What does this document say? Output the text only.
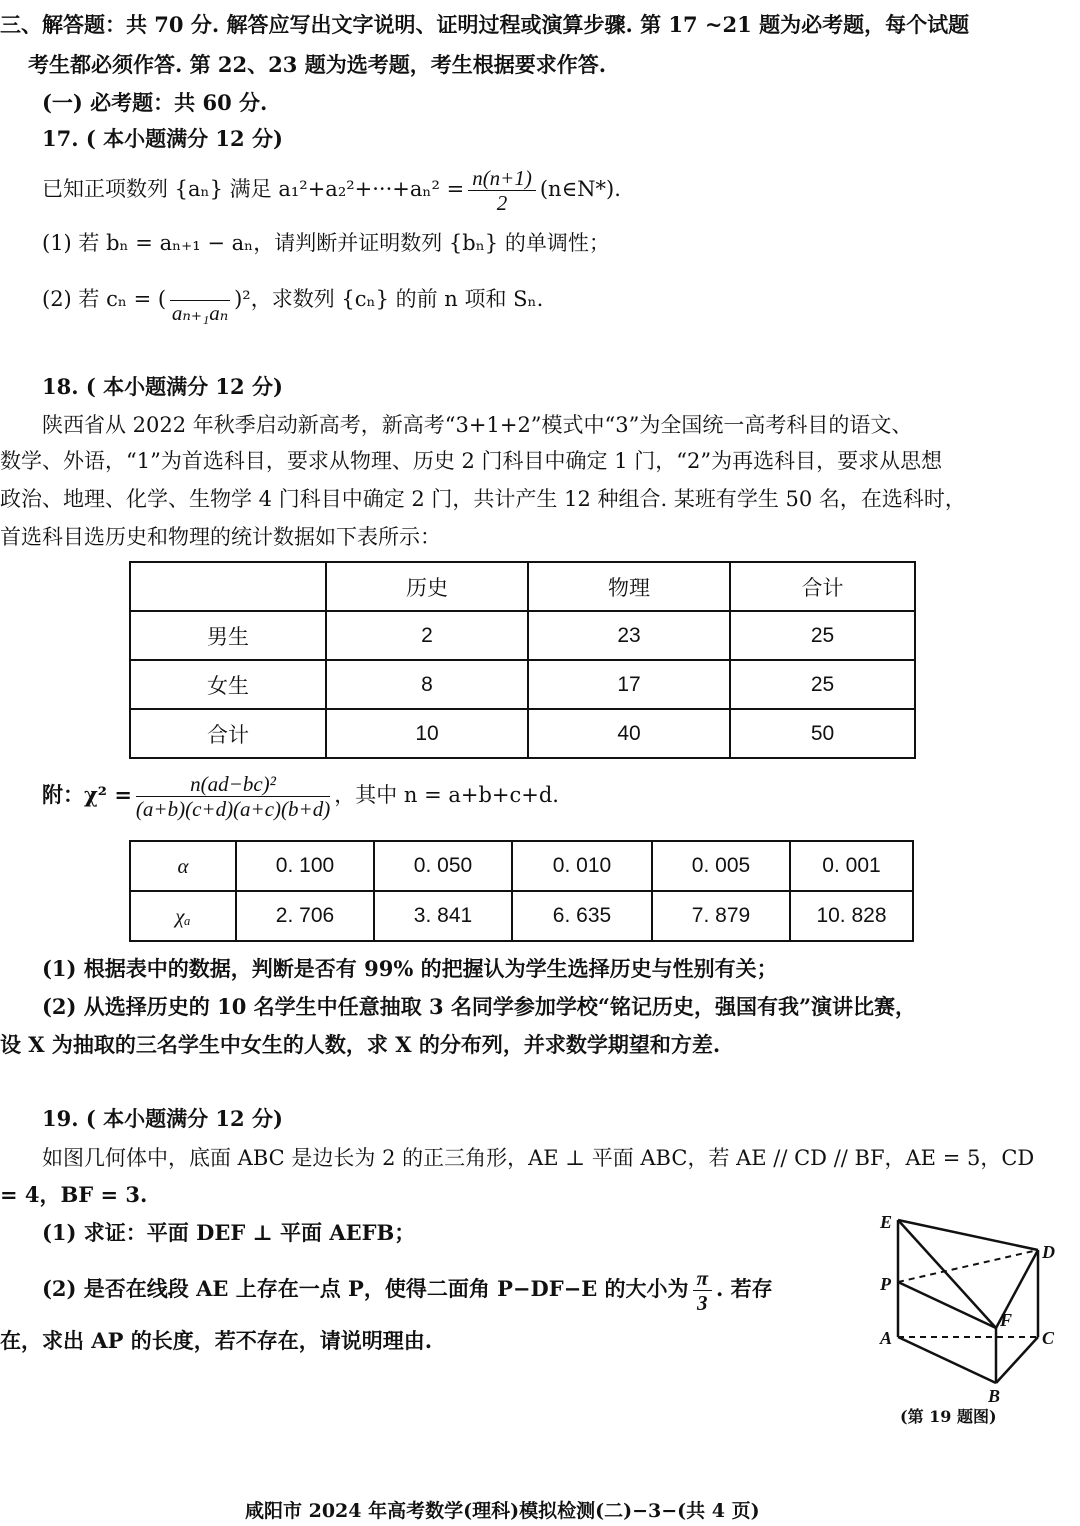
三、解答题：共 70 分. 解答应写出文字说明、证明过程或演算步骤. 第 17 ~21 题为必考题，每个试题
考生都必须作答. 第 22、23 题为选考题，考生根据要求作答.
(一) 必考题：共 60 分.
17. ( 本小题满分 12 分)
已知正项数列 {aₙ} 满足 $a_1^2+a_2^2+\cdot\cdot\cdot+a_n^2 = \frac{n(n+1)}{2}$ (n∈N*).
(1) 若 bₙ = aₙ₊₁ − aₙ，请判断并证明数列 {bₙ} 的单调性；
(2) 若 cₙ = (

aₙ₊₁aₙ
)²，求数列 {cₙ} 的前 n 项和 Sₙ.
18. ( 本小题满分 12 分)
陕西省从 2022 年秋季启动新高考，新高考“3+1+2”模式中“3”为全国统一高考科目的语文、
数学、外语，“1”为首选科目，要求从物理、历史 2 门科目中确定 1 门，“2”为再选科目，要求从思想
政治、地理、化学、生物学 4 门科目中确定 2 门，共计产生 12 种组合. 某班有学生 50 名，在选科时，
首选科目选历史和物理的统计数据如下表所示：
	历史	物理	合计
男生	2	23	25
女生	8	17	25
合计	10	40	50
附：$\chi^2 = \frac{\text{n(ad−bc)²}}{(a+b)(c+d)(a+c)(b+d)}$ ，其中 n = a+b+c+d.
α	0. 100	0. 050	0. 010	0. 005	0. 001
χₐ	2. 706	3. 841	6. 635	7. 879	10. 828
(1) 根据表中的数据，判断是否有 99% 的把握认为学生选择历史与性别有关；
(2) 从选择历史的 10 名学生中任意抽取 3 名同学参加学校“铭记历史，强国有我”演讲比赛，
设 X 为抽取的三名学生中女生的人数，求 X 的分布列，并求数学期望和方差.
19. ( 本小题满分 12 分)
如图几何体中，底面 ABC 是边长为 2 的正三角形，AE ⊥ 平面 ABC，若 AE // CD // BF，AE = 5，CD
= 4，BF = 3.
(1) 求证：平面 DEF ⊥ 平面 AEFB；
(2) 是否在线段 AE 上存在一点 P，使得二面角 P−DF−E 的大小为 $\frac{\pi}{3}$ . 若存
在，求出 AP 的长度，若不存在，请说明理由.
E
D
P
F
A	C
B
(第 19 题图)
咸阳市 2024 年高考数学(理科)模拟检测(二)−3−(共 4 页)
